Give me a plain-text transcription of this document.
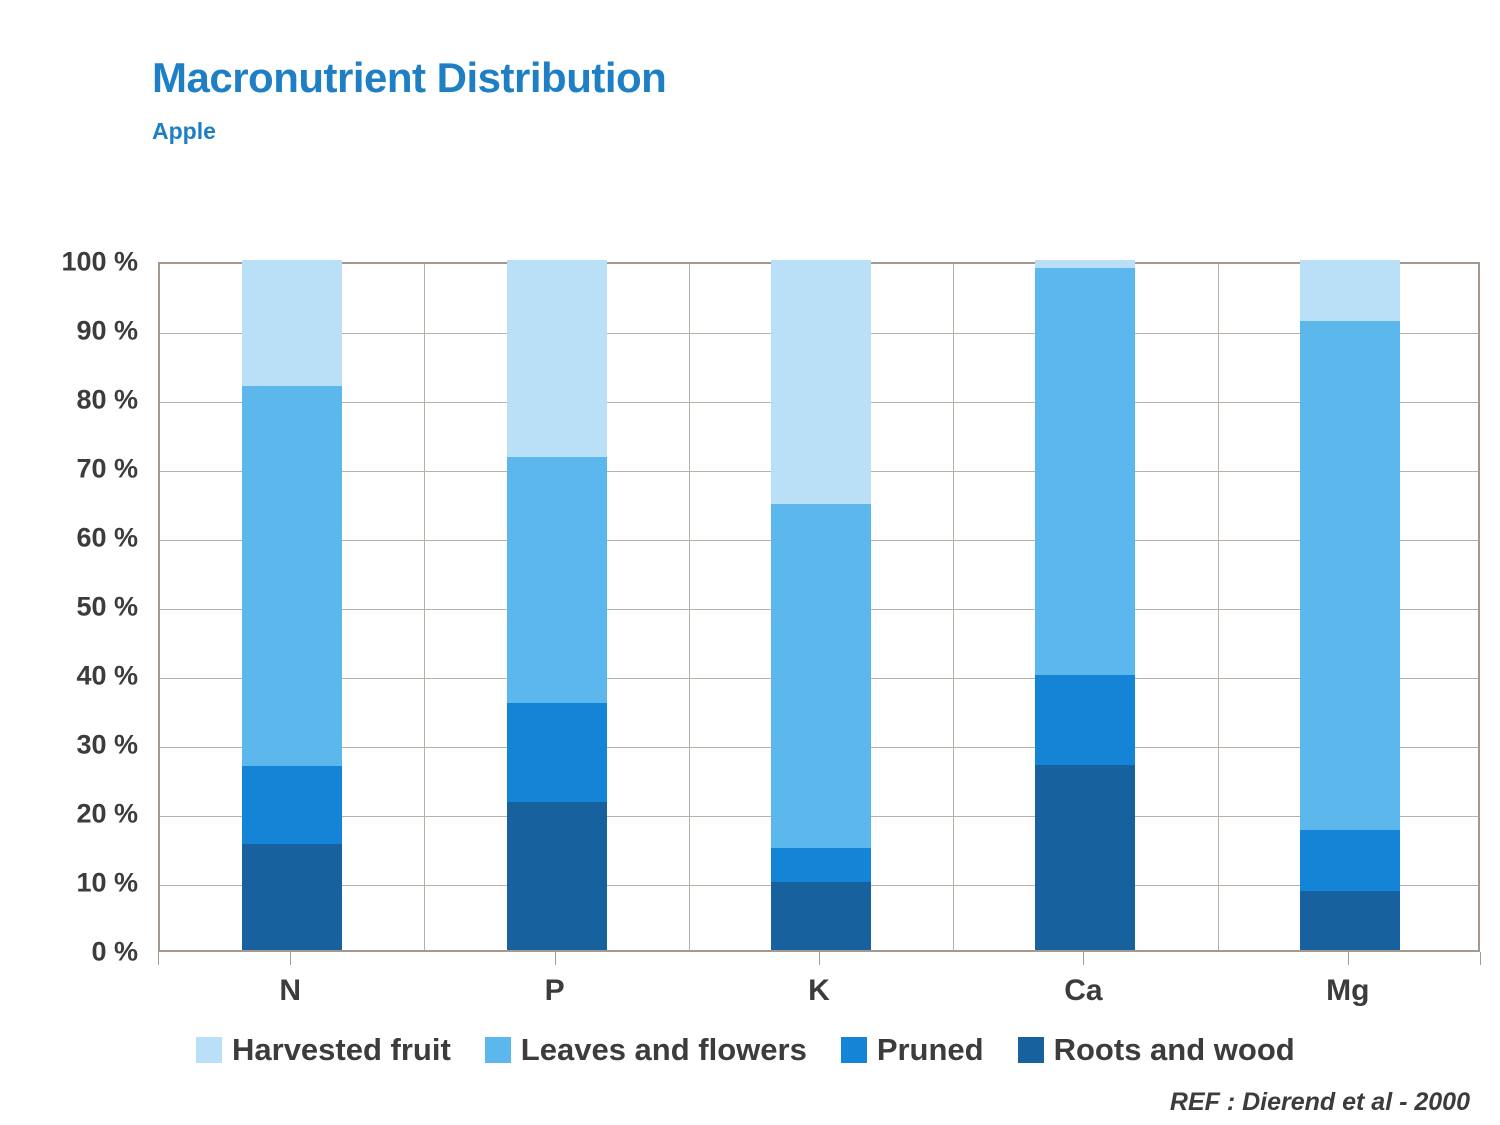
Macronutrient Distribution
Apple
0 %
10 %
20 %
30 %
40 %
50 %
60 %
70 %
80 %
90 %
100 %
N	P	K	Ca	Mg
Harvested fruit Leaves and flowers Pruned Roots and wood
REF : Dierend et al - 2000
